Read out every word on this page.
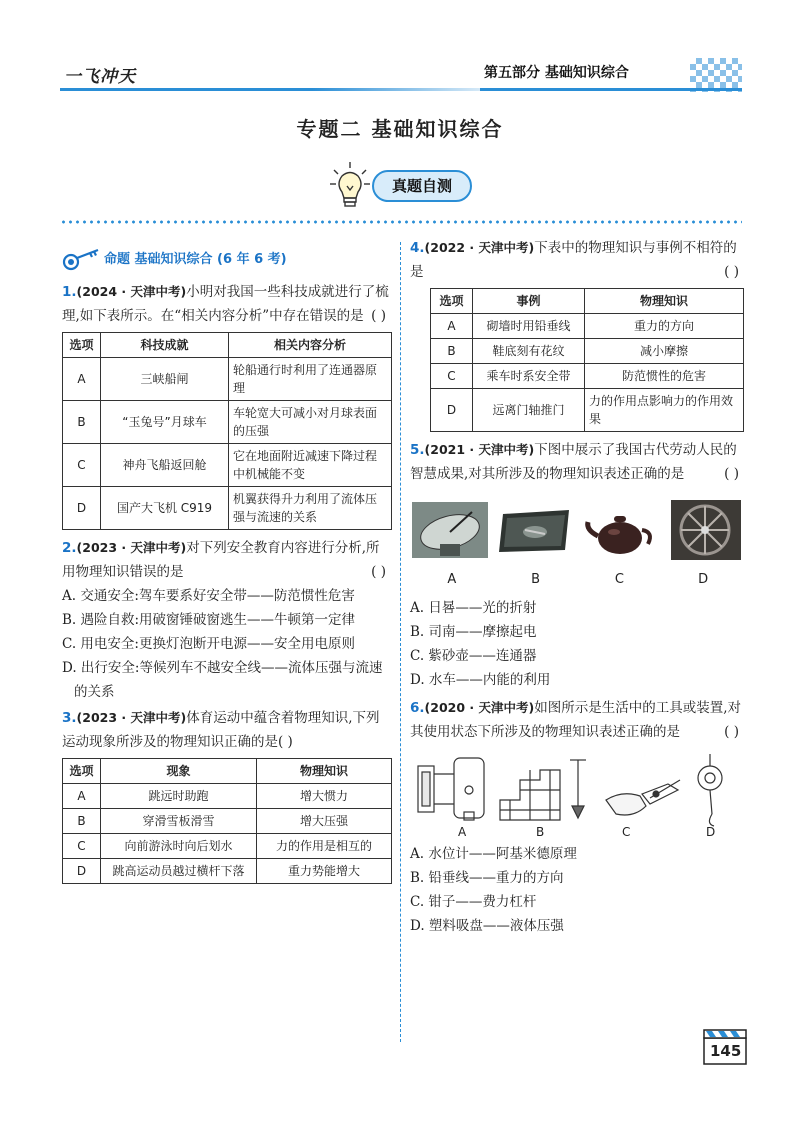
一飞冲天	第五部分 基础知识综合
专题二 基础知识综合
真题自测
命题 基础知识综合 (6 年 6 考)
1.(2024 · 天津中考)小明对我国一些科技成就进行了梳理,如下表所示。在“相关内容分析”中存在错误的是 ( )
选项	科技成就	相关内容分析
A	三峡船闸	轮船通行时利用了连通器原理
B	“玉兔号”月球车	车轮宽大可减小对月球表面的压强
C	神舟飞船返回舱	它在地面附近减速下降过程中机械能不变
D	国产大飞机 C919	机翼获得升力利用了流体压强与流速的关系
2.(2023 · 天津中考)对下列安全教育内容进行分析,所用物理知识错误的是	( )
A. 交通安全:驾车要系好安全带——防范惯性危害
B. 遇险自救:用破窗锤破窗逃生——牛顿第一定律
C. 用电安全:更换灯泡断开电源——安全用电原则
D. 出行安全:等候列车不越安全线——流体压强与流速的关系
3.(2023 · 天津中考)体育运动中蕴含着物理知识,下列运动现象所涉及的物理知识正确的是( )
选项	现象	物理知识
A	跳远时助跑	增大惯力
B	穿滑雪板滑雪	增大压强
C	向前游泳时向后划水	力的作用是相互的
D	跳高运动员越过横杆下落	重力势能增大
4.(2022 · 天津中考)下表中的物理知识与事例不相符的是	( )
选项	事例	物理知识
A	砌墙时用铅垂线	重力的方向
B	鞋底刻有花纹	减小摩擦
C	乘车时系安全带	防范惯性的危害
D	远离门轴推门	力的作用点影响力的作用效果
5.(2021 · 天津中考)下图中展示了我国古代劳动人民的智慧成果,对其所涉及的物理知识表述正确的是	( )
A	B	C	D
A. 日晷——光的折射
B. 司南——摩擦起电
C. 紫砂壶——连通器
D. 水车——内能的利用
6.(2020 · 天津中考)如图所示是生活中的工具或装置,对其使用状态下所涉及的物理知识表述正确的是	( )
A	B	C	D
A. 水位计——阿基米德原理
B. 铅垂线——重力的方向
C. 钳子——费力杠杆
D. 塑料吸盘——液体压强
145
